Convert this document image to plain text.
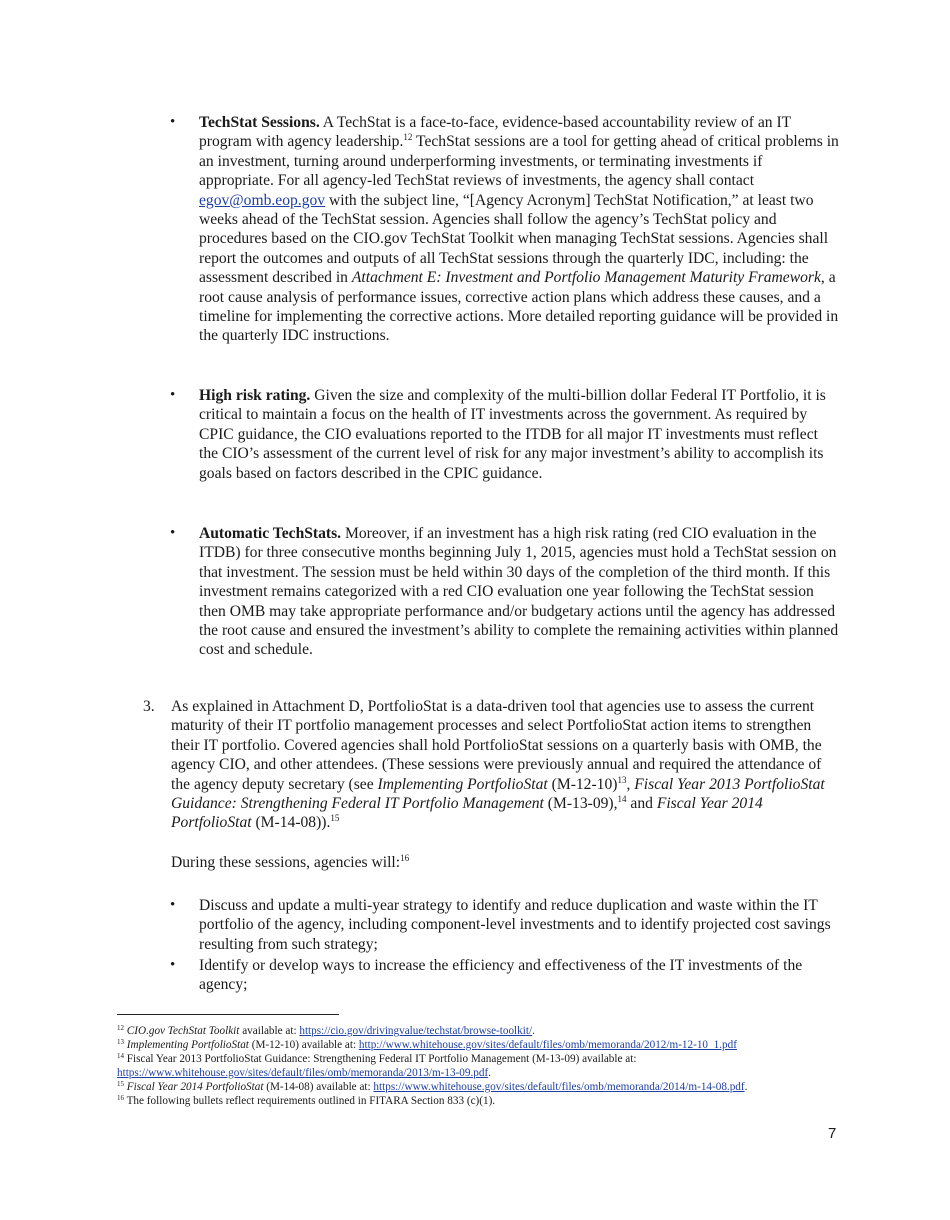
• TechStat Sessions. A TechStat is a face-to-face, evidence-based accountability review of an IT program with agency leadership.$^{12}$ TechStat sessions are a tool for getting ahead of critical problems in an investment, turning around underperforming investments, or terminating investments if appropriate. For all agency-led TechStat reviews of investments, the agency shall contact egov@omb.eop.gov with the subject line, “[Agency Acronym] TechStat Notification,” at least two weeks ahead of the TechStat session. Agencies shall follow the agency’s TechStat policy and procedures based on the CIO.gov TechStat Toolkit when managing TechStat sessions. Agencies shall report the outcomes and outputs of all TechStat sessions through the quarterly IDC, including: the assessment described in Attachment E: Investment and Portfolio Management Maturity Framework, a root cause analysis of performance issues, corrective action plans which address these causes, and a timeline for implementing the corrective actions. More detailed reporting guidance will be provided in the quarterly IDC instructions.

• High risk rating. Given the size and complexity of the multi-billion dollar Federal IT Portfolio, it is critical to maintain a focus on the health of IT investments across the government. As required by CPIC guidance, the CIO evaluations reported to the ITDB for all major IT investments must reflect the CIO’s assessment of the current level of risk for any major investment’s ability to accomplish its goals based on factors described in the CPIC guidance.

• Automatic TechStats. Moreover, if an investment has a high risk rating (red CIO evaluation in the ITDB) for three consecutive months beginning July 1, 2015, agencies must hold a TechStat session on that investment. The session must be held within 30 days of the completion of the third month. If this investment remains categorized with a red CIO evaluation one year following the TechStat session then OMB may take appropriate performance and/or budgetary actions until the agency has addressed the root cause and ensured the investment’s ability to complete the remaining activities within planned cost and schedule.

3. As explained in Attachment D, PortfolioStat is a data-driven tool that agencies use to assess the current maturity of their IT portfolio management processes and select PortfolioStat action items to strengthen their IT portfolio. Covered agencies shall hold PortfolioStat sessions on a quarterly basis with OMB, the agency CIO, and other attendees. (These sessions were previously annual and required the attendance of the agency deputy secretary (see Implementing PortfolioStat $(M-12-10)^{13}$, Fiscal Year 2013 PortfolioStat Guidance: Strengthening Federal IT Portfolio Management (M-13-09),$^{14}$ and Fiscal Year 2014 PortfolioStat (M-14-08)).$^{15}$

During these sessions, agencies will:$^{16}$

• Discuss and update a multi-year strategy to identify and reduce duplication and waste within the IT portfolio of the agency, including component-level investments and to identify projected cost savings resulting from such strategy;

• Identify or develop ways to increase the efficiency and effectiveness of the IT investments of the agency;

$^{12}$ CIO.gov TechStat Toolkit available at: https://cio.gov/drivingvalue/techstat/browse-toolkit/.

$^{13}$ Implementing PortfolioStat (M-12-10) available at: http://www.whitehouse.gov/sites/default/files/omb/memoranda/2012/m-12-10_1.pdf

$^{14}$ Fiscal Year 2013 PortfolioStat Guidance: Strengthening Federal IT Portfolio Management (M-13-09) available at:
https://www.whitehouse.gov/sites/default/files/omb/memoranda/2013/m-13-09.pdf.

$^{15}$ Fiscal Year 2014 PortfolioStat (M-14-08) available at: https://www.whitehouse.gov/sites/default/files/omb/memoranda/2014/m-14-08.pdf.

$^{16}$ The following bullets reflect requirements outlined in FITARA Section 833 (c)(1).

7
